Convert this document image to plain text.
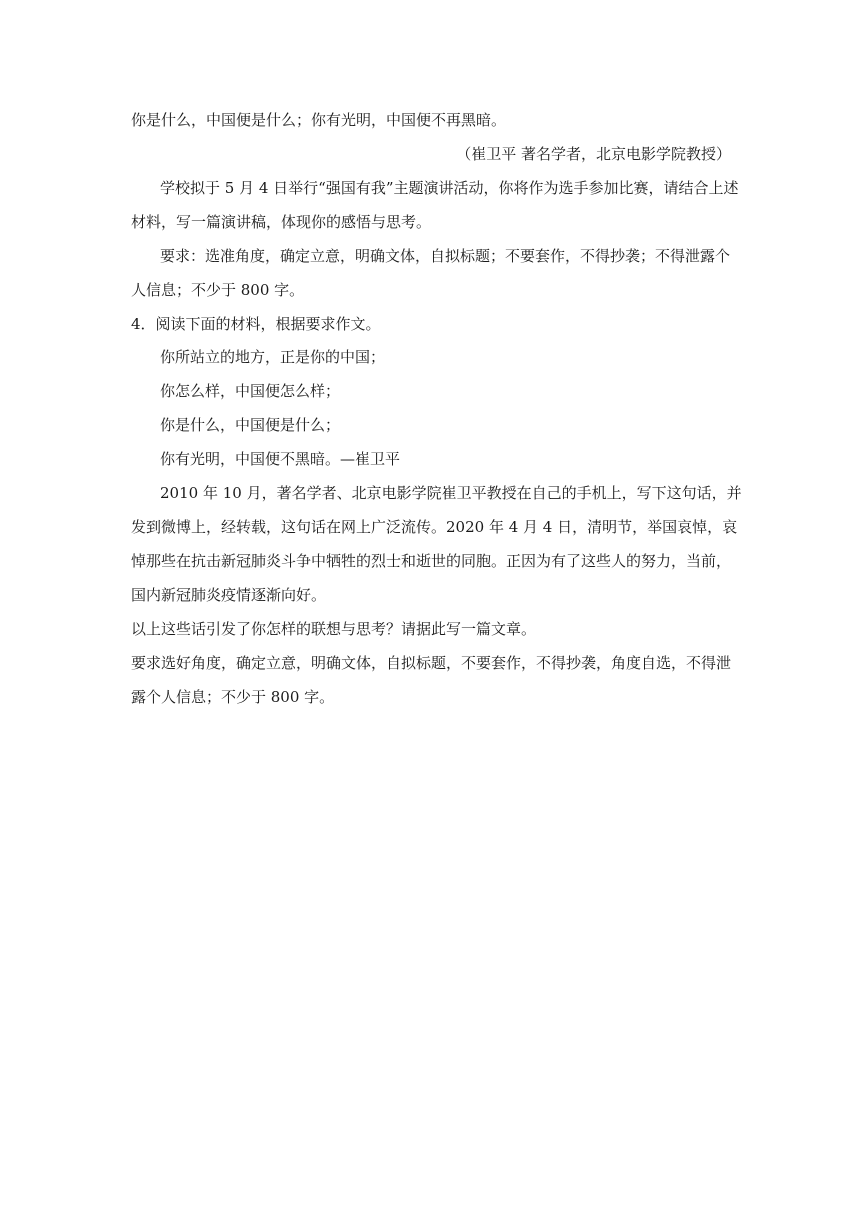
你是什么，中国便是什么；你有光明，中国便不再黑暗。
（崔卫平 著名学者，北京电影学院教授）
学校拟于 5 月 4 日举行“强国有我”主题演讲活动，你将作为选手参加比赛，请结合上述
材料，写一篇演讲稿，体现你的感悟与思考。
要求：选准角度，确定立意，明确文体，自拟标题；不要套作，不得抄袭；不得泄露个
人信息；不少于 800 字。
4．阅读下面的材料，根据要求作文。
你所站立的地方，正是你的中国；
你怎么样，中国便怎么样；
你是什么，中国便是什么；
你有光明，中国便不黑暗。—崔卫平
2010 年 10 月，著名学者、北京电影学院崔卫平教授在自己的手机上，写下这句话，并
发到微博上，经转载，这句话在网上广泛流传。2020 年 4 月 4 日，清明节，举国哀悼，哀
悼那些在抗击新冠肺炎斗争中牺牲的烈士和逝世的同胞。正因为有了这些人的努力，当前，
国内新冠肺炎疫情逐渐向好。
以上这些话引发了你怎样的联想与思考？请据此写一篇文章。
要求选好角度，确定立意，明确文体，自拟标题，不要套作，不得抄袭，角度自选，不得泄
露个人信息；不少于 800 字。
